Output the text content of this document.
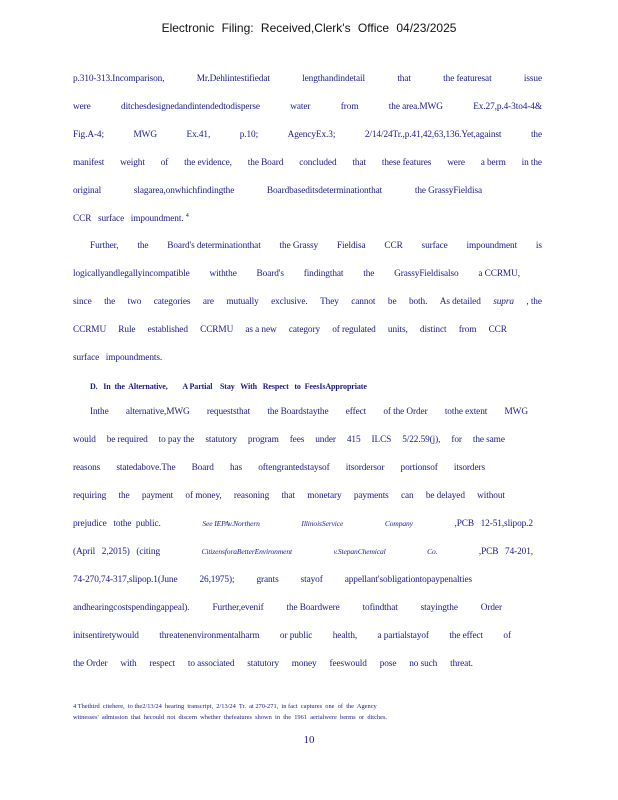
Electronic Filing: Received,Clerk's Office 04/23/2025
p.310-313.Incomparison,	Mr.Dehlintestifiedat	lengthandindetail	that	the featuresat	issue
were	ditchesdesignedandintendedtodisperse	water	from	the area.MWG	Ex.27,p.4-3to4-4&
Fig.A-4;	MWG	Ex.41,	p.10;	AgencyEx.3;	2/14/24Tr.,p.41,42,63,136.Yet,against	the
manifest weight of the evidence, the Board concluded that these features were a berm in the
original	slagarea,onwhichfindingthe	Boardbaseditsdeterminationthat	the GrassyFieldisa
CCR   surface   impoundment. $^4$
Further, the Board's determinationthat the Grassy Fieldisa CCR surface impoundment is
logicallyandlegallyincompatible withthe Board's findingthat the GrassyFieldisalso a CCRMU,
since the two categories are mutually exclusive. They cannot be both. As detailed supra , the
CCRMU Rule established CCRMU as a new category of regulated units, distinct from CCR
surface   impoundments.
D.   In  the  Alternative,        A Partial    Stay   With   Respect   to  FeesIsAppropriate
Inthe alternative,MWG requeststhat the Boardstaythe effect of the Order tothe extent MWG
would be required to pay the statutory program fees under 415 ILCS 5/22.59(j), for the same
reasons statedabove.The Board has oftengrantedstaysof itsordersor portionsof itsorders
requiring the payment of money, reasoning that monetary payments can be delayed without
prejudice   tothe  public.	See IEPAv.Northern	IllinoisService	Company	,PCB   12-51,slipop.2
(April   2,2015)   (citing	CitizensforaBetterEnvironment	v.StepanChemical	Co.	,PCB   74-201,
74-270,74-317,slipop.1(June 26,1975); grants stayof appellant'sobligationtopaypenalties
andhearingcostspendingappeal). Further,evenif the Boardwere tofindthat stayingthe Order
initsentiretywould threatenenvironmentalharm or public health, a partialstayof the effect of
the Order with respect to associated statutory money feeswould pose no such threat.
4 Thethird  citehere,  to the2/13/24  hearing  transcript,  2/13/24  Tr.  at 270-271,  in fact  captures  one  of  the  Agency
witnesses'  admission  that  hecould  not  discern  whether  thefeatures  shown  in  the  1961  aerialwere  berms  or  ditches.
10
